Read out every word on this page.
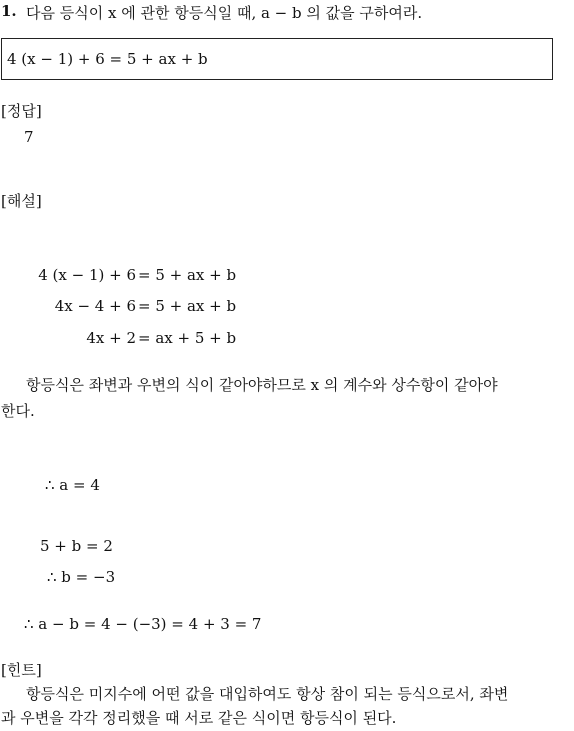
1. 다음 등식이 x 에 관한 항등식일 때, a − b 의 값을 구하여라.
4 (x − 1) + 6 = 5 + ax + b
[정답]
7
[해설]
4 (x − 1) + 6 = 5 + ax + b
4x − 4 + 6 = 5 + ax + b
4x + 2 = ax + 5 + b
항등식은 좌변과 우변의 식이 같아야하므로 x 의 계수와 상수항이 같아야
한다.
∴ a = 4
5 + b = 2
∴ b = −3
∴ a − b = 4 − (−3) = 4 + 3 = 7
[힌트]
항등식은 미지수에 어떤 값을 대입하여도 항상 참이 되는 등식으로서, 좌변
과 우변을 각각 정리했을 때 서로 같은 식이면 항등식이 된다.
